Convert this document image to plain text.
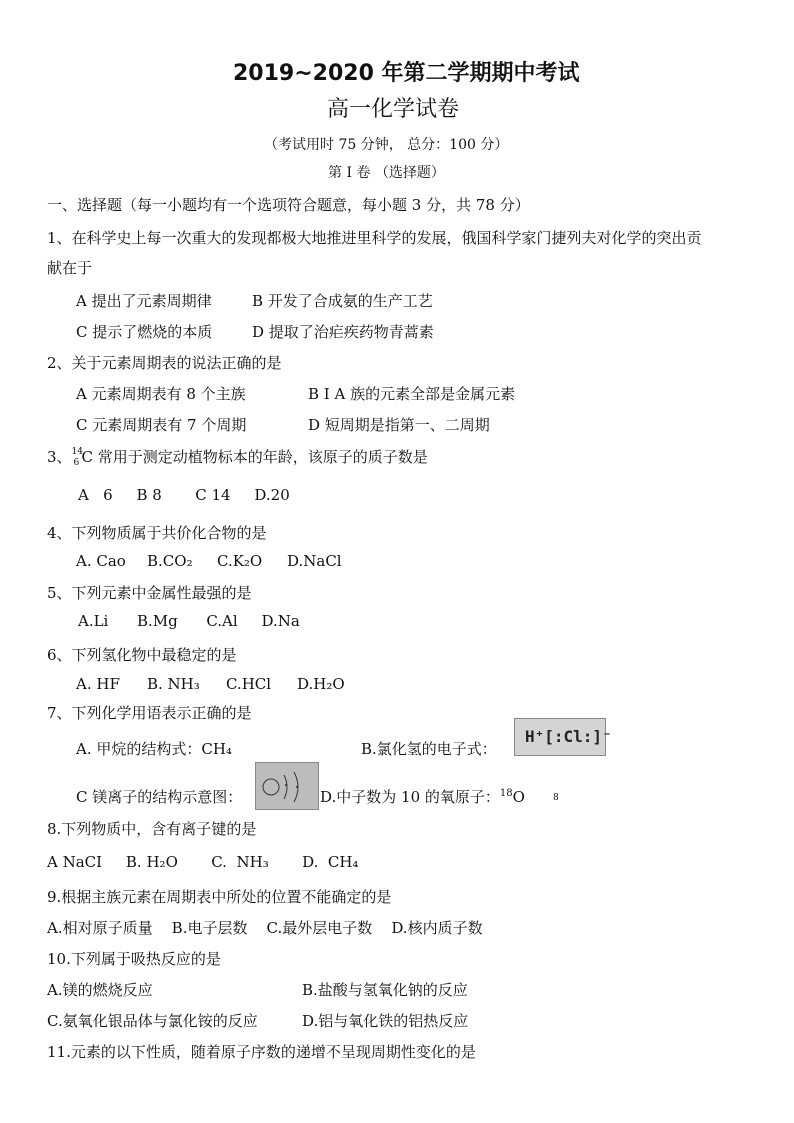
2019~2020 年第二学期期中考试
高一化学试卷
（考试用时 75 分钟， 总分：100 分）
第 I 卷 （选择题）
一、选择题（每一小题均有一个选项符合题意，每小题 3 分，共 78 分）
1、在科学史上每一次重大的发现都极大地推进里科学的发展，俄国科学家门捷列夫对化学的突出贡
献在于
A 提出了元素周期律	B 开发了合成氨的生产工艺
C 提示了燃烧的本质	D 提取了治疟疾药物青蒿素
2、关于元素周期表的说法正确的是
A 元素周期表有 8 个主族	B I A 族的元素全部是金属元素
C 元素周期表有 7 个周期	D 短周期是指第一、二周期
3、 14
6 C 常用于测定动植物标本的年龄，该原子的质子数是
A   6     B 8       C 14     D.20
4、下列物质属于共价化合物的是
A. Cao B.CO₂ C.K₂O D.NaCl
5、下列元素中金属性最强的是
A.Li      B.Mg      C.Al     D.Na
6、下列氢化物中最稳定的是
A. HF B. NH₃ C.HCl D.H₂O
7、下列化学用语表示正确的是
A. 甲烷的结构式：CH₄	B.氯化氢的电子式：
H⁺[:Cl:]⁻
C 镁离子的结构示意图：	D.中子数为 10 的氧原子：$^{18}$O	8
8.下列物质中，含有离子键的是
A NaCI     B. H₂O       C.  NH₃       D.  CH₄
9.根据主族元素在周期表中所处的位置不能确定的是
A.相对原子质量    B.电子层数    C.最外层电子数    D.核内质子数
10.下列属于吸热反应的是
A.镁的燃烧反应	B.盐酸与氢氧化钠的反应
C.氨氧化银品体与氯化铵的反应	D.铝与氧化铁的铝热反应
11.元素的以下性质，随着原子序数的递增不呈现周期性变化的是
